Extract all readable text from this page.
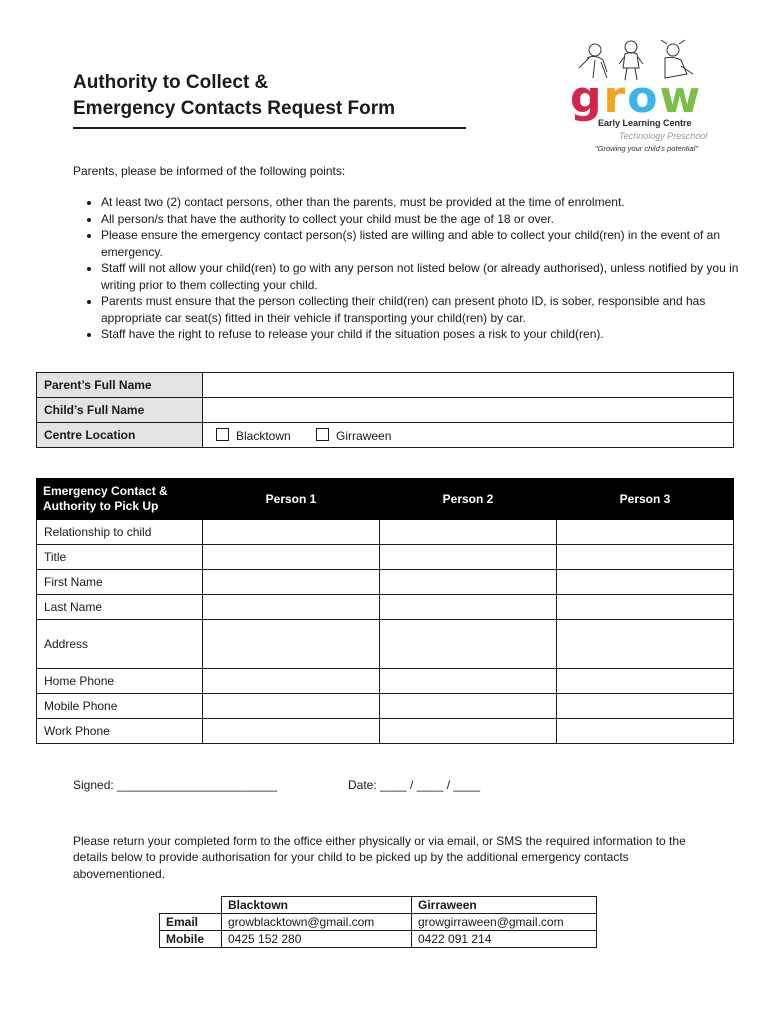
Authority to Collect &

Emergency Contacts Request Form	grow
Early Learning Centre
Technology Preschool
"Growing your child's potential"
Parents, please be informed of the following points:
• At least two (2) contact persons, other than the parents, must be provided at the time of enrolment.
• All person/s that have the authority to collect your child must be the age of 18 or over.
• Please ensure the emergency contact person(s) listed are willing and able to collect your child(ren) in the event of an emergency.
• Staff will not allow your child(ren) to go with any person not listed below (or already authorised), unless notified by you in writing prior to them collecting your child.
• Parents must ensure that the person collecting their child(ren) can present photo ID, is sober, responsible and has appropriate car seat(s) fitted in their vehicle if transporting your child(ren) by car.
• Staff have the right to refuse to release your child if the situation poses a risk to your child(ren).
Parent’s Full Name	
Child’s Full Name	
Centre Location	Blacktown Girraween
Emergency Contact & Authority to Pick Up	Person 1	Person 2	Person 3
Relationship to child			
Title			
First Name			
Last Name			
Address			
Home Phone			
Mobile Phone			
Work Phone			
Signed: ________________________	Date: ____ / ____ / ____
Please return your completed form to the office either physically or via email, or SMS the required information to the details below to provide authorisation for your child to be picked up by the additional emergency contacts abovementioned.
	Blacktown	Girraween
Email	growblacktown@gmail.com	growgirraween@gmail.com
Mobile	0425 152 280	0422 091 214
